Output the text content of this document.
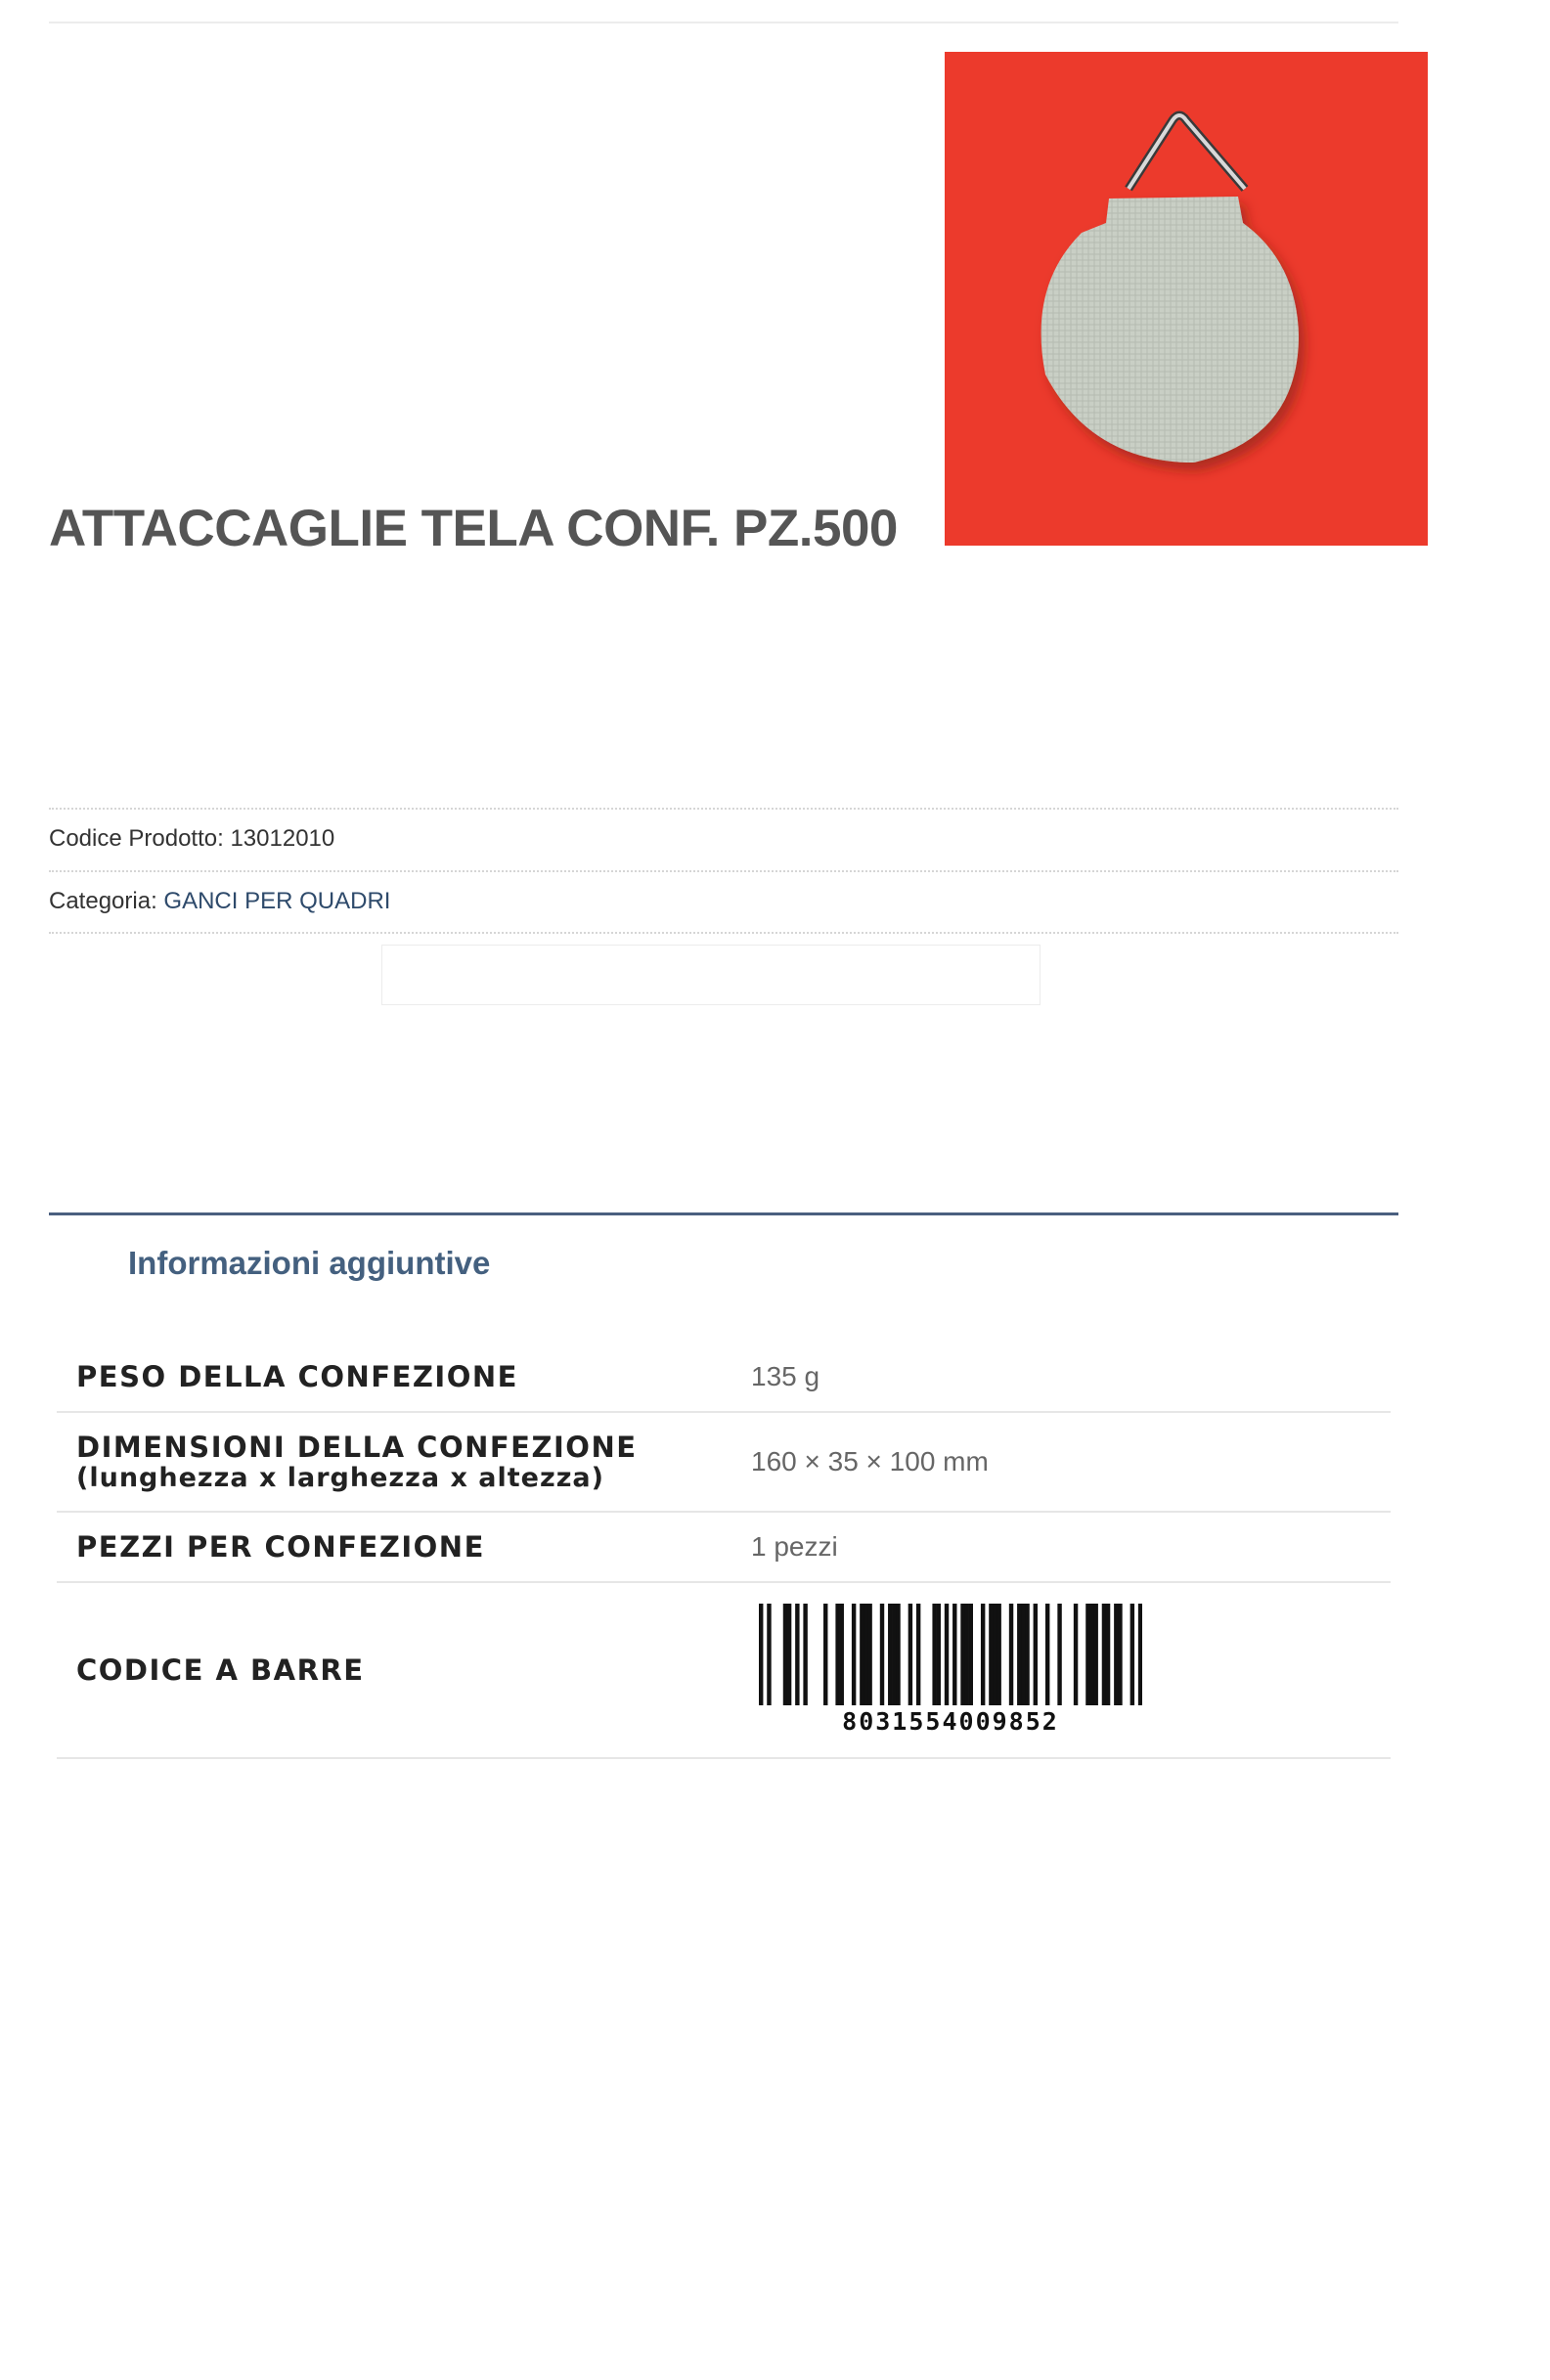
ATTACCAGLIE TELA CONF. PZ.500
Codice Prodotto: 13012010
Categoria: GANCI PER QUADRI
Informazioni aggiuntive
PESO DELLA CONFEZIONE	135 g

DIMENSIONI DELLA CONFEZIONE
(lunghezza x larghezza x altezza)	160 × 35 × 100 mm

PEZZI PER CONFEZIONE	1 pezzi

CODICE A BARRE	8031554009852
